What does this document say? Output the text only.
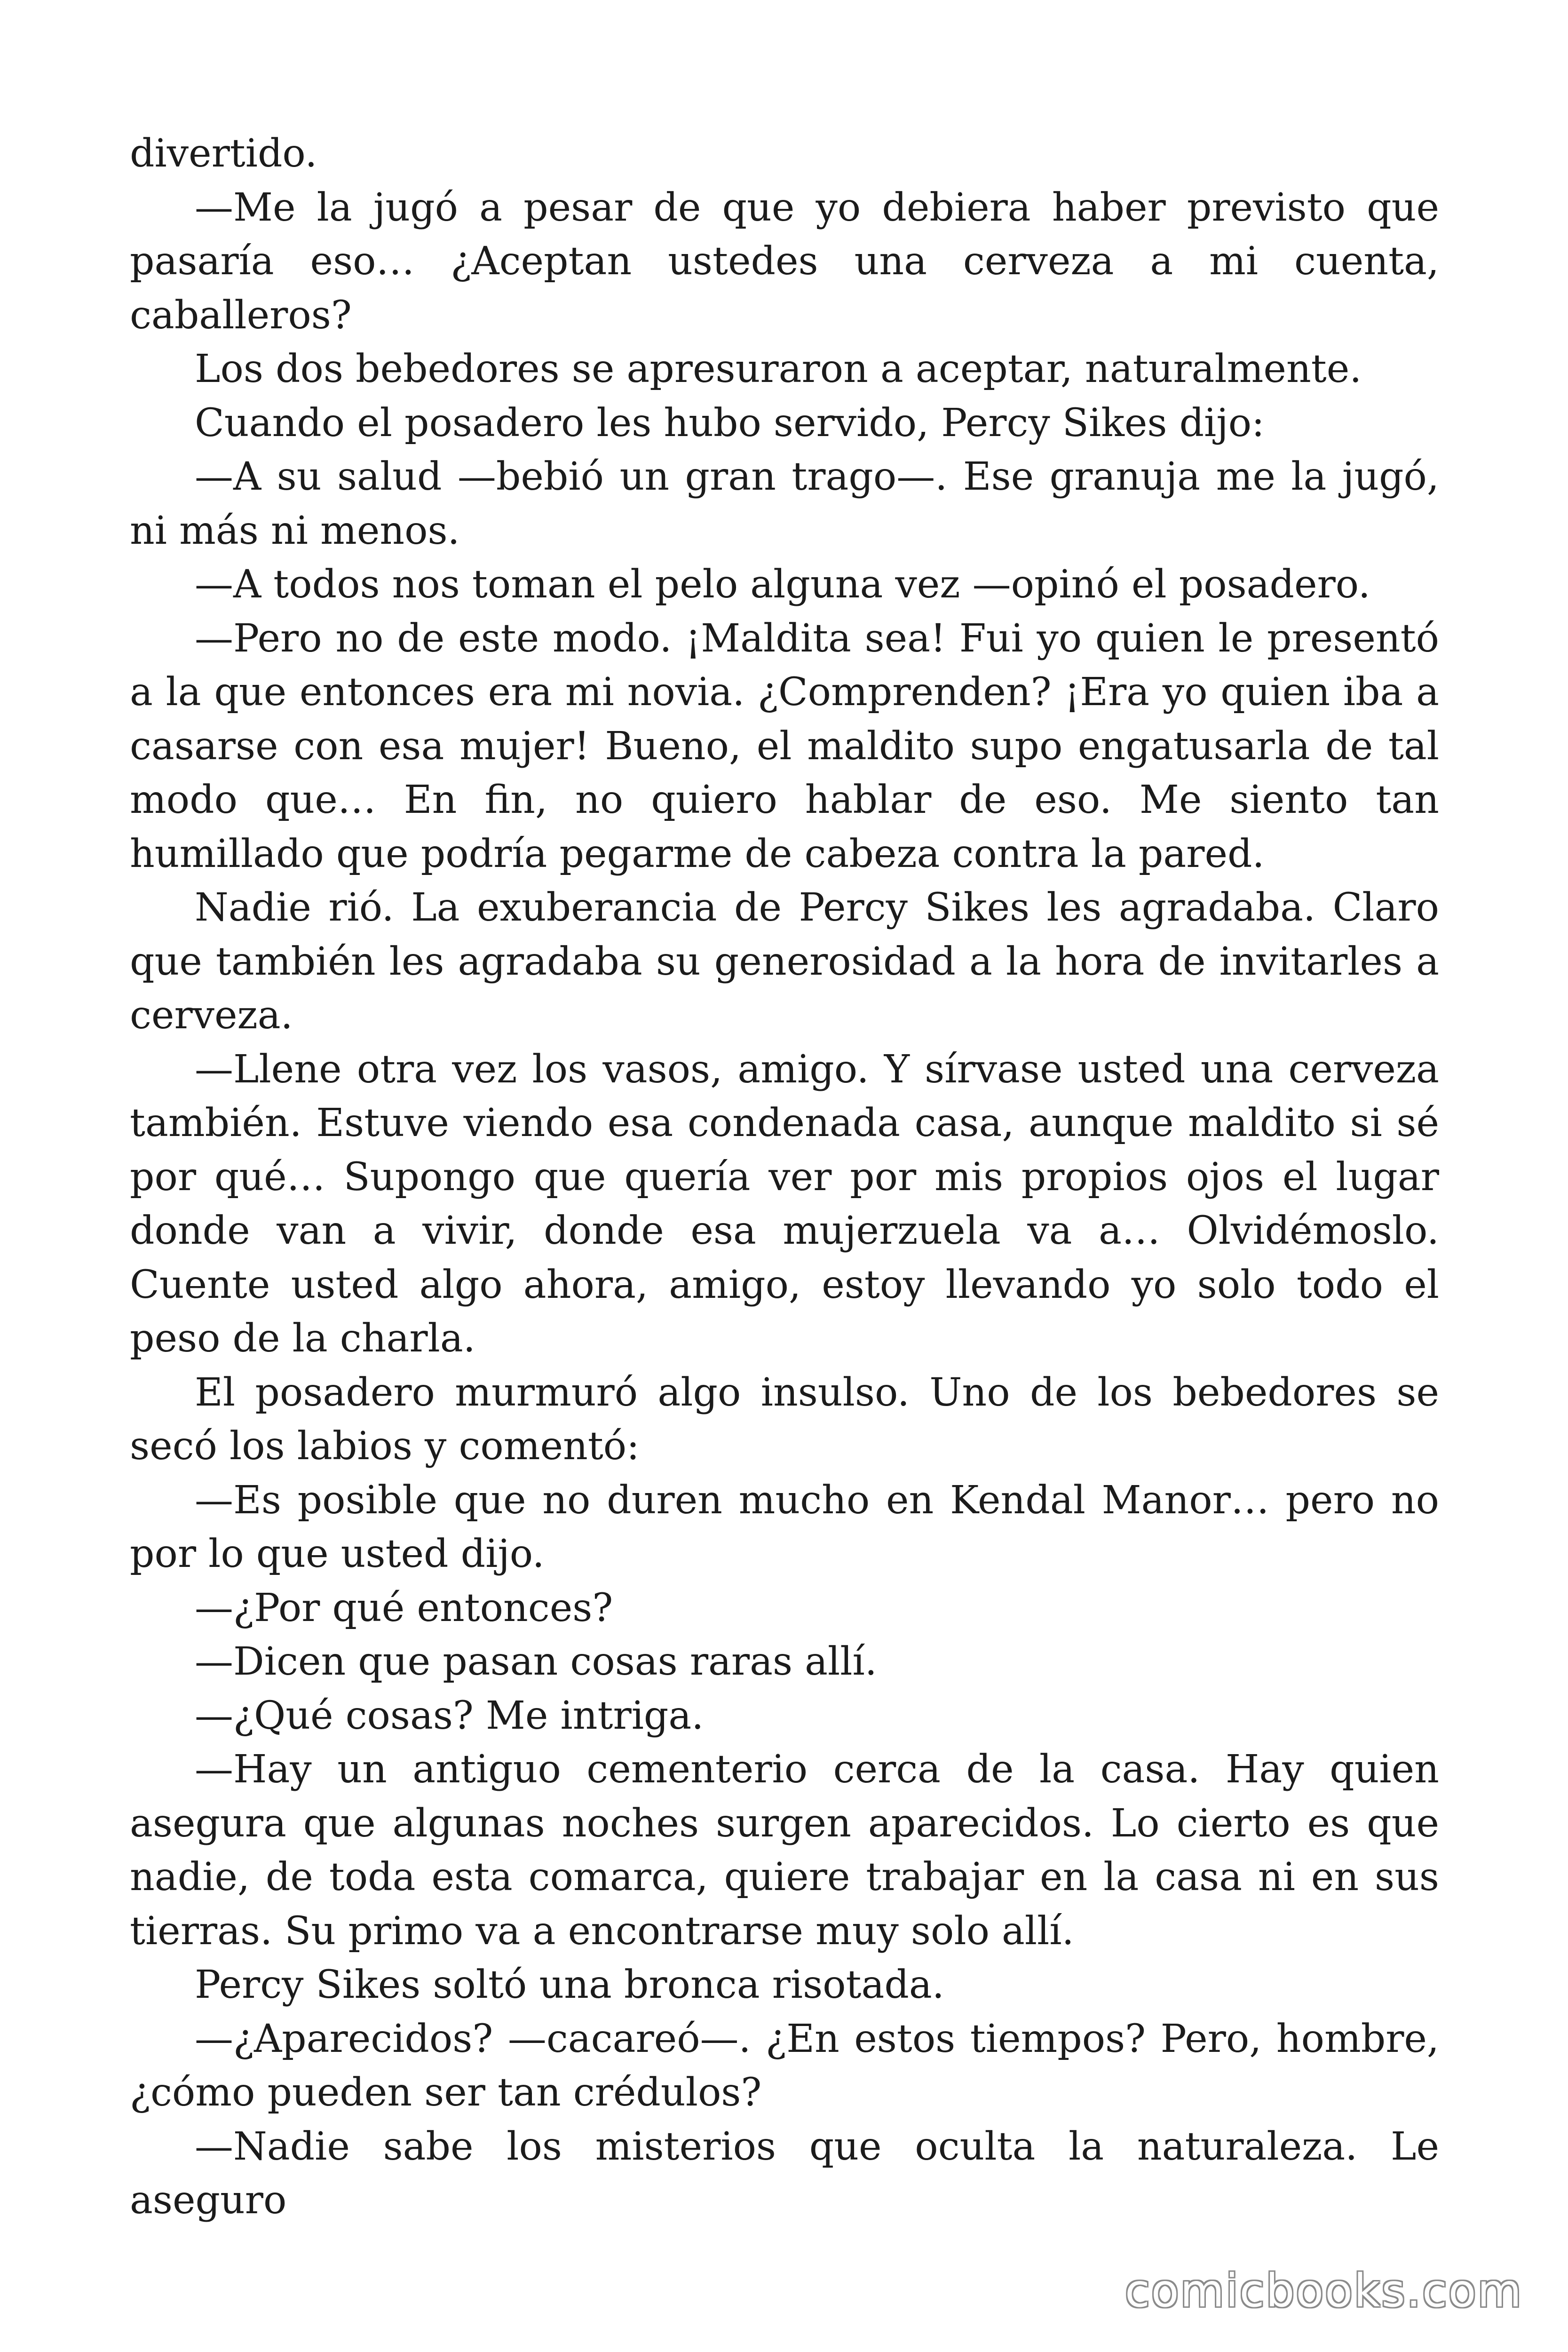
divertido.

—Me la jugó a pesar de que yo debiera haber previsto que pasaría eso… ¿Aceptan ustedes una cerveza a mi cuenta, caballeros?

Los dos bebedores se apresuraron a aceptar, naturalmente.

Cuando el posadero les hubo servido, Percy Sikes dijo:

—A su salud —bebió un gran trago—. Ese granuja me la jugó, ni más ni menos.

—A todos nos toman el pelo alguna vez —opinó el posadero.

—Pero no de este modo. ¡Maldita sea! Fui yo quien le presentó a la que entonces era mi novia. ¿Comprenden? ¡Era yo quien iba a casarse con esa mujer! Bueno, el maldito supo engatusarla de tal modo que… En fin, no quiero hablar de eso. Me siento tan humillado que podría pegarme de cabeza contra la pared.

Nadie rió. La exuberancia de Percy Sikes les agradaba. Claro que también les agradaba su generosidad a la hora de invitarles a cerveza.

—Llene otra vez los vasos, amigo. Y sírvase usted una cerveza también. Estuve viendo esa condenada casa, aunque maldito si sé por qué… Supongo que quería ver por mis propios ojos el lugar donde van a vivir, donde esa mujerzuela va a… Olvidémoslo. Cuente usted algo ahora, amigo, estoy llevando yo solo todo el peso de la charla.

El posadero murmuró algo insulso. Uno de los bebedores se secó los labios y comentó:

—Es posible que no duren mucho en Kendal Manor… pero no por lo que usted dijo.

—¿Por qué entonces?

—Dicen que pasan cosas raras allí.

—¿Qué cosas? Me intriga.

—Hay un antiguo cementerio cerca de la casa. Hay quien asegura que algunas noches surgen aparecidos. Lo cierto es que nadie, de toda esta comarca, quiere trabajar en la casa ni en sus tierras. Su primo va a encontrarse muy solo allí.

Percy Sikes soltó una bronca risotada.

—¿Aparecidos? —cacareó—. ¿En estos tiempos? Pero, hombre, ¿cómo pueden ser tan crédulos?

—Nadie sabe los misterios que oculta la naturaleza. Le aseguro

comicbooks.com
